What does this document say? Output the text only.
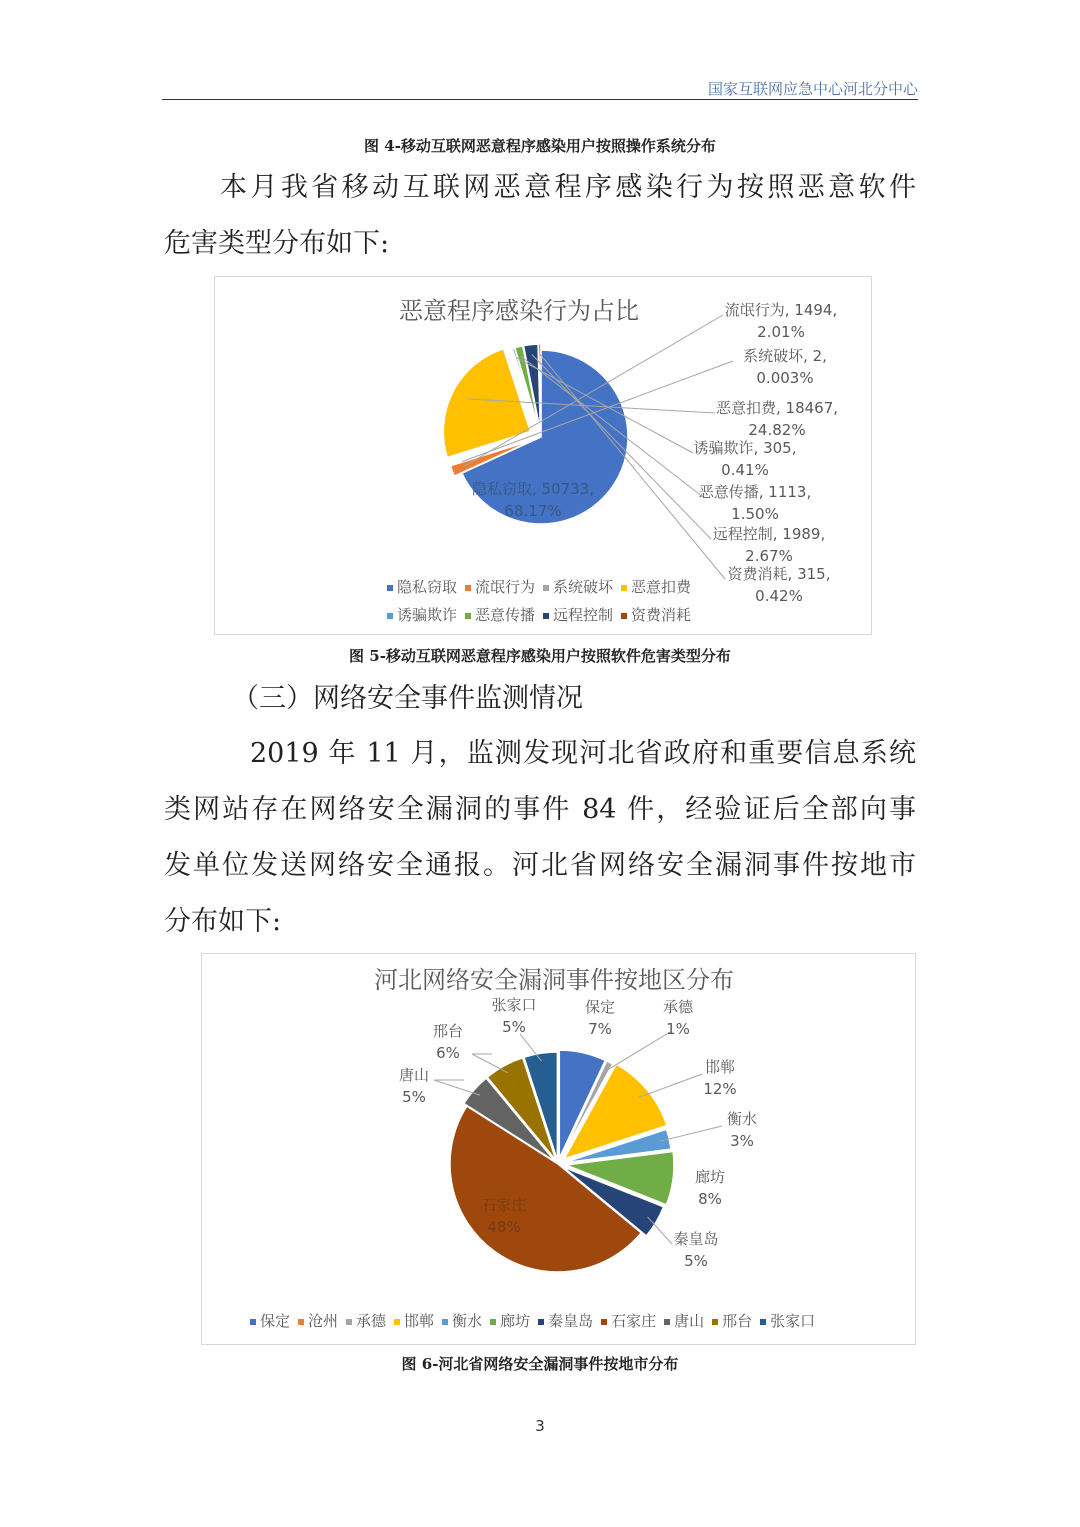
国家互联网应急中心河北分中心
图 4-移动互联网恶意程序感染用户按照操作系统分布
本月我省移动互联网恶意程序感染行为按照恶意软件
危害类型分布如下:
恶意程序感染行为占比	流氓行为, 1494,
2.01%
系统破坏, 2,
0.003%
恶意扣费, 18467,
24.82%
诱骗欺诈, 305,
0.41%
恶意传播, 1113,
1.50%
远程控制, 1989,
2.67%
资费消耗, 315,
0.42%
隐私窃取, 50733,
68.17%
隐私窃取 流氓行为 系统破坏 恶意扣费
诱骗欺诈 恶意传播 远程控制 资费消耗
图 5-移动互联网恶意程序感染用户按照软件危害类型分布
（三）网络安全事件监测情况
2019 年 11 月，监测发现河北省政府和重要信息系统
类网站存在网络安全漏洞的事件 84 件，经验证后全部向事
发单位发送网络安全通报。河北省网络安全漏洞事件按地市
分布如下:
河北网络安全漏洞事件按地区分布
保定
7%
承德
1%
邯郸
12%
衡水
3%
廊坊
8%
秦皇岛
5%
石家庄
48%
唐山
5%
邢台
6%
张家口
5%
保定 沧州 承德 邯郸 衡水 廊坊 秦皇岛 石家庄 唐山 邢台 张家口
图 6-河北省网络安全漏洞事件按地市分布
3
